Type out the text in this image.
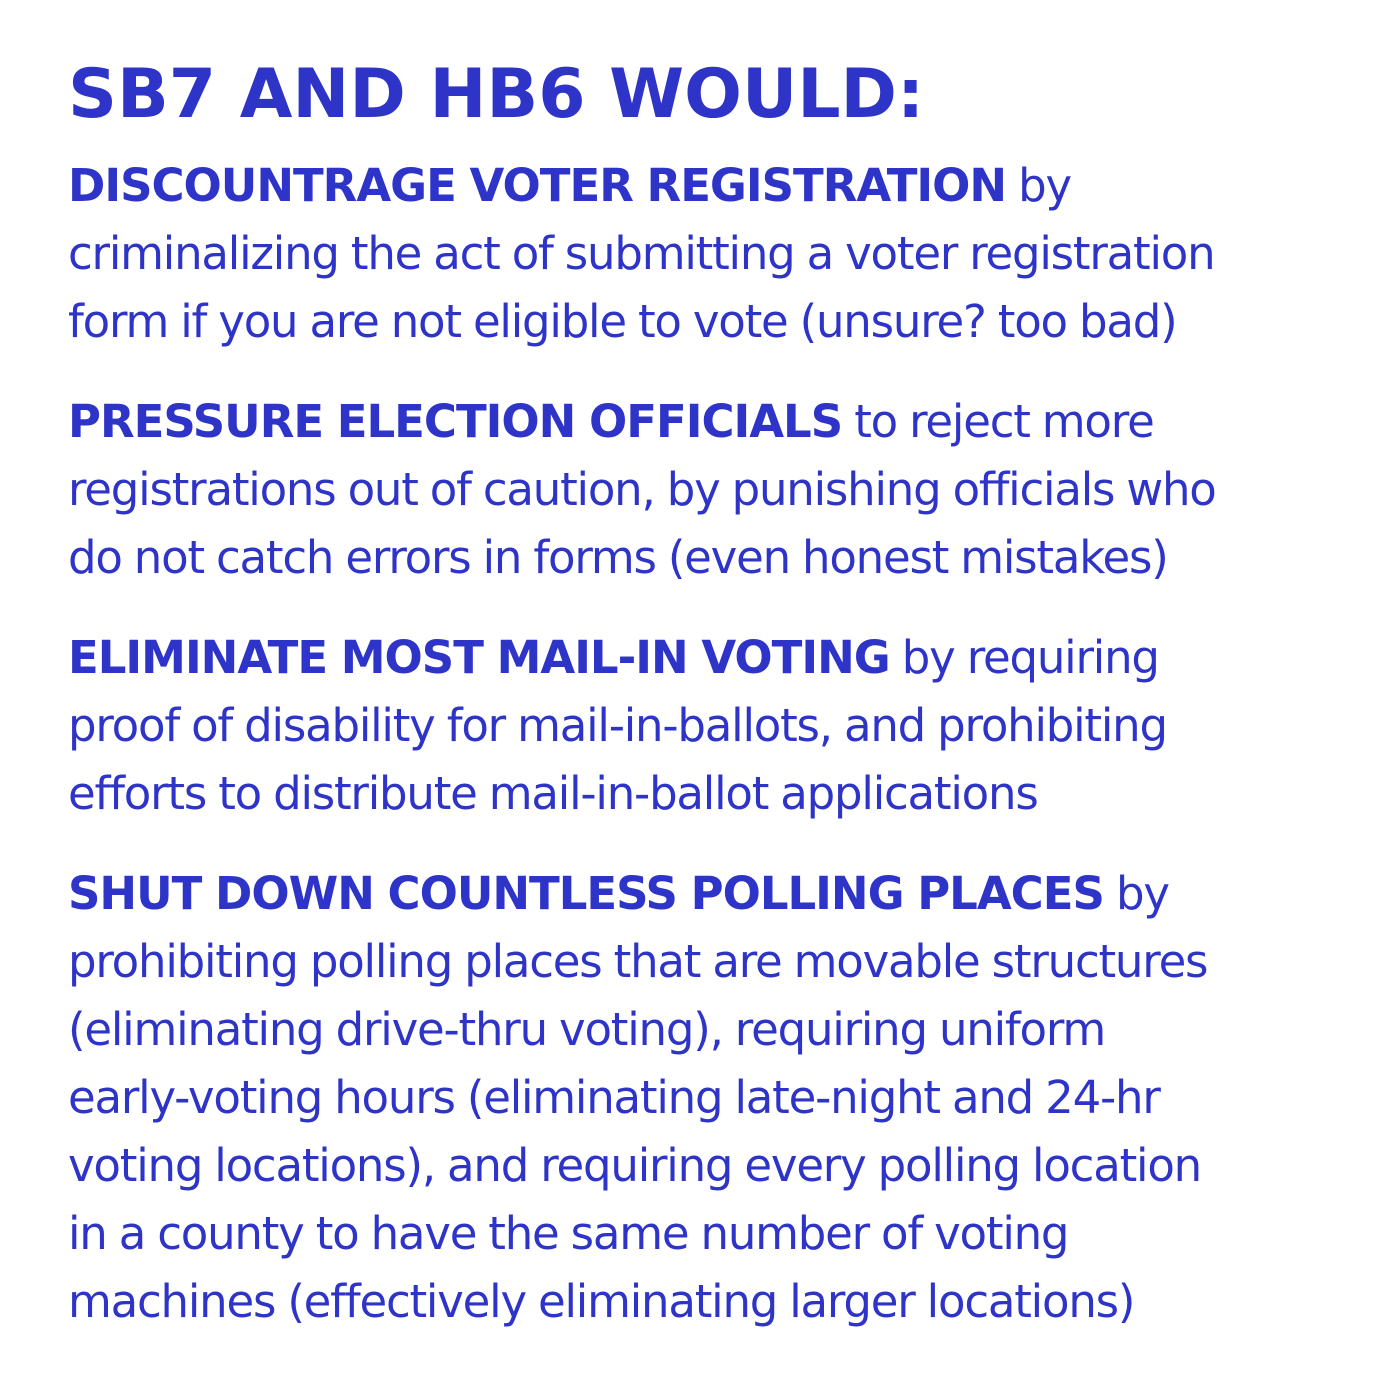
SB7 AND HB6 WOULD:

DISCOUNTRAGE VOTER REGISTRATION by
criminalizing the act of submitting a voter registration
form if you are not eligible to vote (unsure? too bad)

PRESSURE ELECTION OFFICIALS to reject more
registrations out of caution, by punishing officials who
do not catch errors in forms (even honest mistakes)

ELIMINATE MOST MAIL-IN VOTING by requiring
proof of disability for mail-in-ballots, and prohibiting
efforts to distribute mail-in-ballot applications

SHUT DOWN COUNTLESS POLLING PLACES by
prohibiting polling places that are movable structures
(eliminating drive-thru voting), requiring uniform
early-voting hours (eliminating late-night and 24-hr
voting locations), and requiring every polling location
in a county to have the same number of voting
machines (effectively eliminating larger locations)
